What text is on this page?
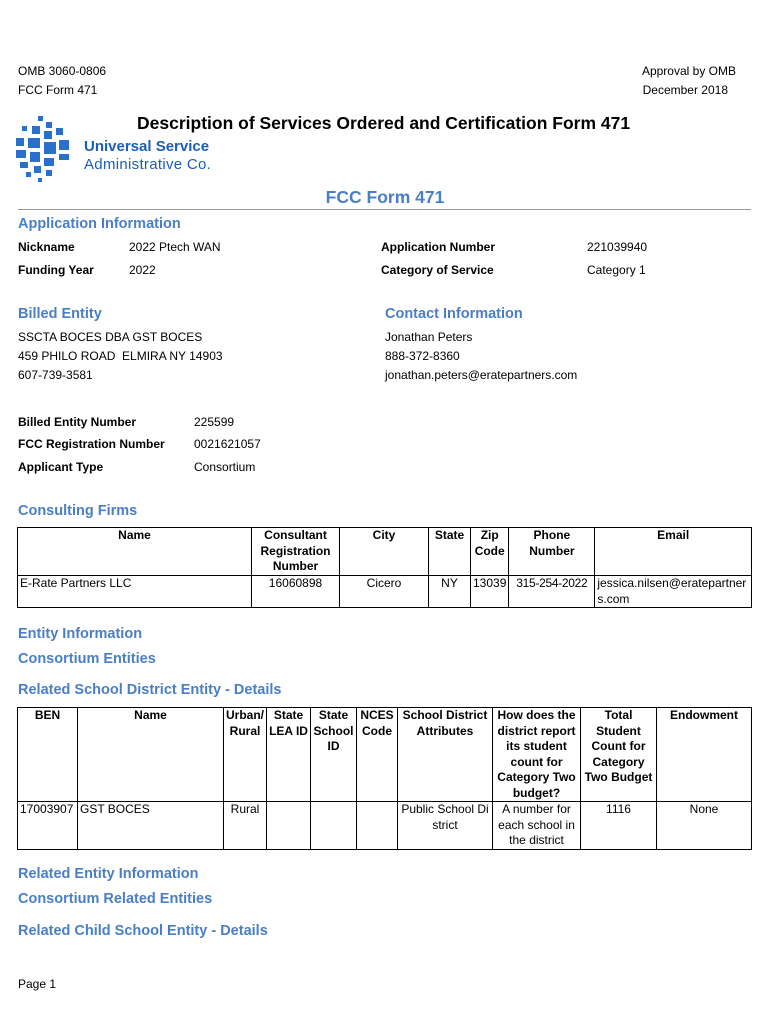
OMB 3060-0806
FCC Form 471
Approval by OMB
December 2018
Universal Service
Administrative Co.
Description of Services Ordered and Certification Form 471
FCC Form 471
Application Information
Nickname	2022 Ptech WAN
Funding Year	2022
Application Number	221039940
Category of Service	Category 1
Billed Entity
SSCTA BOCES DBA GST BOCES
459 PHILO ROAD  ELMIRA NY 14903
607-739-3581
Contact Information
Jonathan Peters
888-372-8360
jonathan.peters@eratepartners.com
Billed Entity Number	225599
FCC Registration Number 0021621057
Applicant Type	Consortium
Consulting Firms
Name	Consultant Registration Number	City	State	Zip Code	Phone Number	Email
E-Rate Partners LLC	16060898	Cicero	NY	13039	315-254-2022	jessica.nilsen@eratepartners.com
Entity Information
Consortium Entities
Related School District Entity - Details
BEN	Name	Urban/ Rural	State LEA ID	State School ID	NCES Code	School District Attributes	How does the district report its student count for Category Two budget?	Total Student Count for Category Two Budget	Endowment
17003907	GST BOCES	Rural				Public School District	A number for each school in the district	1116	None
Related Entity Information
Consortium Related Entities
Related Child School Entity - Details
Page 1
